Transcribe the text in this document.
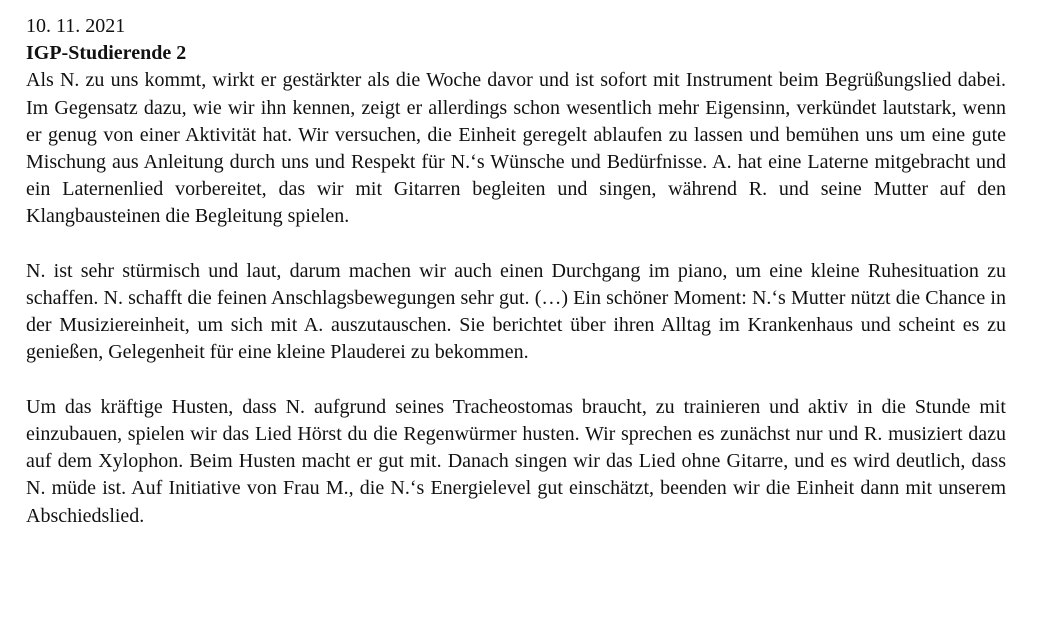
10. 11. 2021

IGP-Studierende 2

Als N. zu uns kommt, wirkt er gestärkter als die Woche davor und ist sofort mit Instrument beim Begrüßungslied dabei. Im Gegensatz dazu, wie wir ihn kennen, zeigt er allerdings schon wesentlich mehr Eigensinn, verkündet lautstark, wenn er genug von einer Aktivität hat. Wir versuchen, die Einheit geregelt ablaufen zu lassen und bemühen uns um eine gute Mischung aus Anleitung durch uns und Respekt für N.‘s Wünsche und Bedürfnisse. A. hat eine Laterne mitgebracht und ein Laternenlied vorbereitet, das wir mit Gitarren begleiten und singen, während R. und seine Mutter auf den Klangbausteinen die Begleitung spielen.

N. ist sehr stürmisch und laut, darum machen wir auch einen Durchgang im piano, um eine kleine Ruhesituation zu schaffen. N. schafft die feinen Anschlagsbewegungen sehr gut. (…) Ein schöner Moment: N.‘s Mutter nützt die Chance in der Musiziereinheit, um sich mit A. auszutauschen. Sie berichtet über ihren Alltag im Krankenhaus und scheint es zu genießen, Gelegenheit für eine kleine Plauderei zu bekommen.

Um das kräftige Husten, dass N. aufgrund seines Tracheostomas braucht, zu trainieren und aktiv in die Stunde mit einzubauen, spielen wir das Lied Hörst du die Regenwürmer husten. Wir sprechen es zunächst nur und R. musiziert dazu auf dem Xylophon. Beim Husten macht er gut mit. Danach singen wir das Lied ohne Gitarre, und es wird deutlich, dass N. müde ist. Auf Initiative von Frau M., die N.‘s Energielevel gut einschätzt, beenden wir die Einheit dann mit unserem Abschiedslied.
